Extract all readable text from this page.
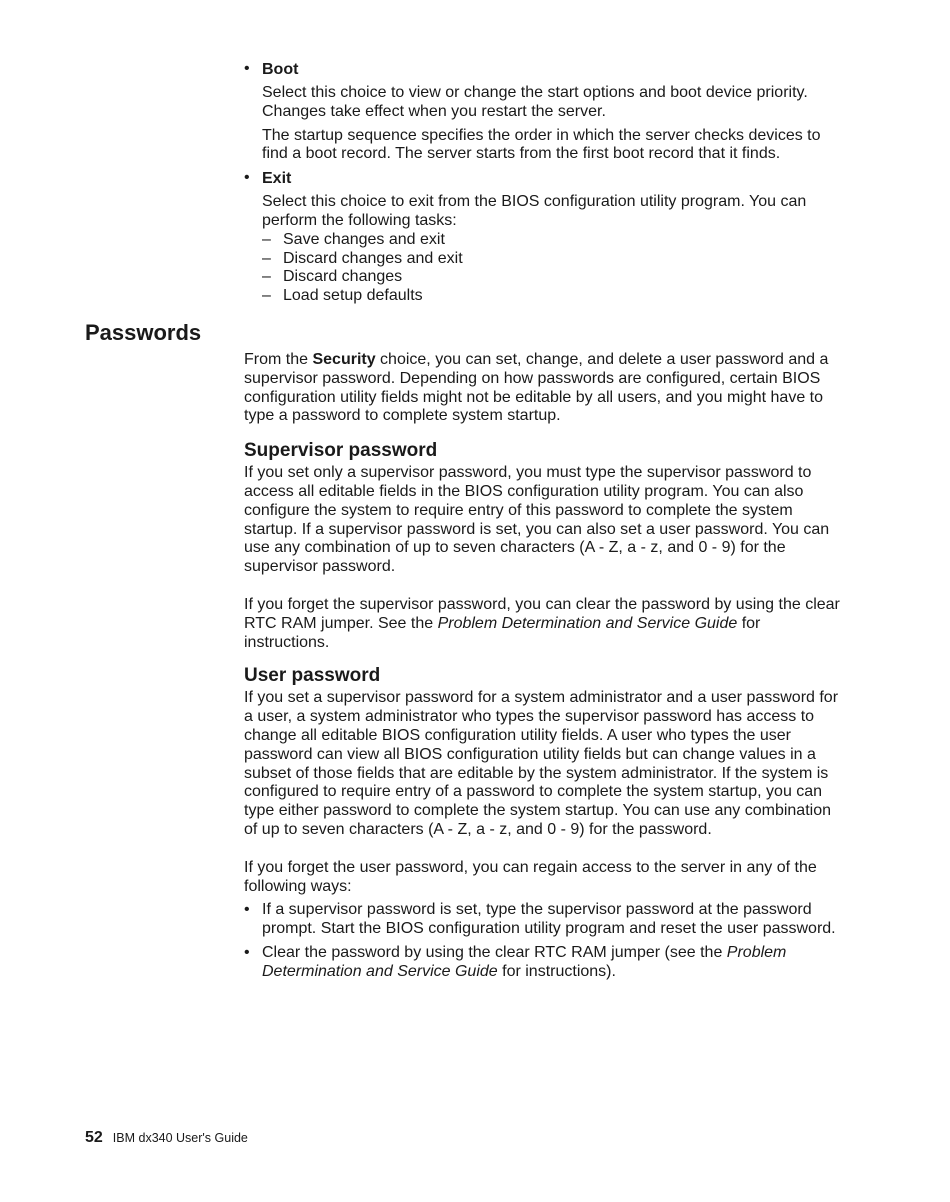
• Boot

Select this choice to view or change the start options and boot device priority. Changes take effect when you restart the server.

The startup sequence specifies the order in which the server checks devices to find a boot record. The server starts from the first boot record that it finds.

• Exit

Select this choice to exit from the BIOS configuration utility program. You can perform the following tasks:

– Save changes and exit
– Discard changes and exit
– Discard changes
– Load setup defaults
Passwords

From the Security choice, you can set, change, and delete a user password and a supervisor password. Depending on how passwords are configured, certain BIOS configuration utility fields might not be editable by all users, and you might have to type a password to complete system startup.

Supervisor password

If you set only a supervisor password, you must type the supervisor password to access all editable fields in the BIOS configuration utility program. You can also configure the system to require entry of this password to complete the system startup. If a supervisor password is set, you can also set a user password. You can use any combination of up to seven characters (A - Z, a - z, and 0 - 9) for the supervisor password.

If you forget the supervisor password, you can clear the password by using the clear RTC RAM jumper. See the Problem Determination and Service Guide for instructions.

User password

If you set a supervisor password for a system administrator and a user password for a user, a system administrator who types the supervisor password has access to change all editable BIOS configuration utility fields. A user who types the user password can view all BIOS configuration utility fields but can change values in a subset of those fields that are editable by the system administrator. If the system is configured to require entry of a password to complete the system startup, you can type either password to complete the system startup. You can use any combination of up to seven characters (A - Z, a - z, and 0 - 9) for the password.

If you forget the user password, you can regain access to the server in any of the following ways:

• If a supervisor password is set, type the supervisor password at the password prompt. Start the BIOS configuration utility program and reset the user password.

• Clear the password by using the clear RTC RAM jumper (see the Problem Determination and Service Guide for instructions).

52 IBM dx340 User's Guide
